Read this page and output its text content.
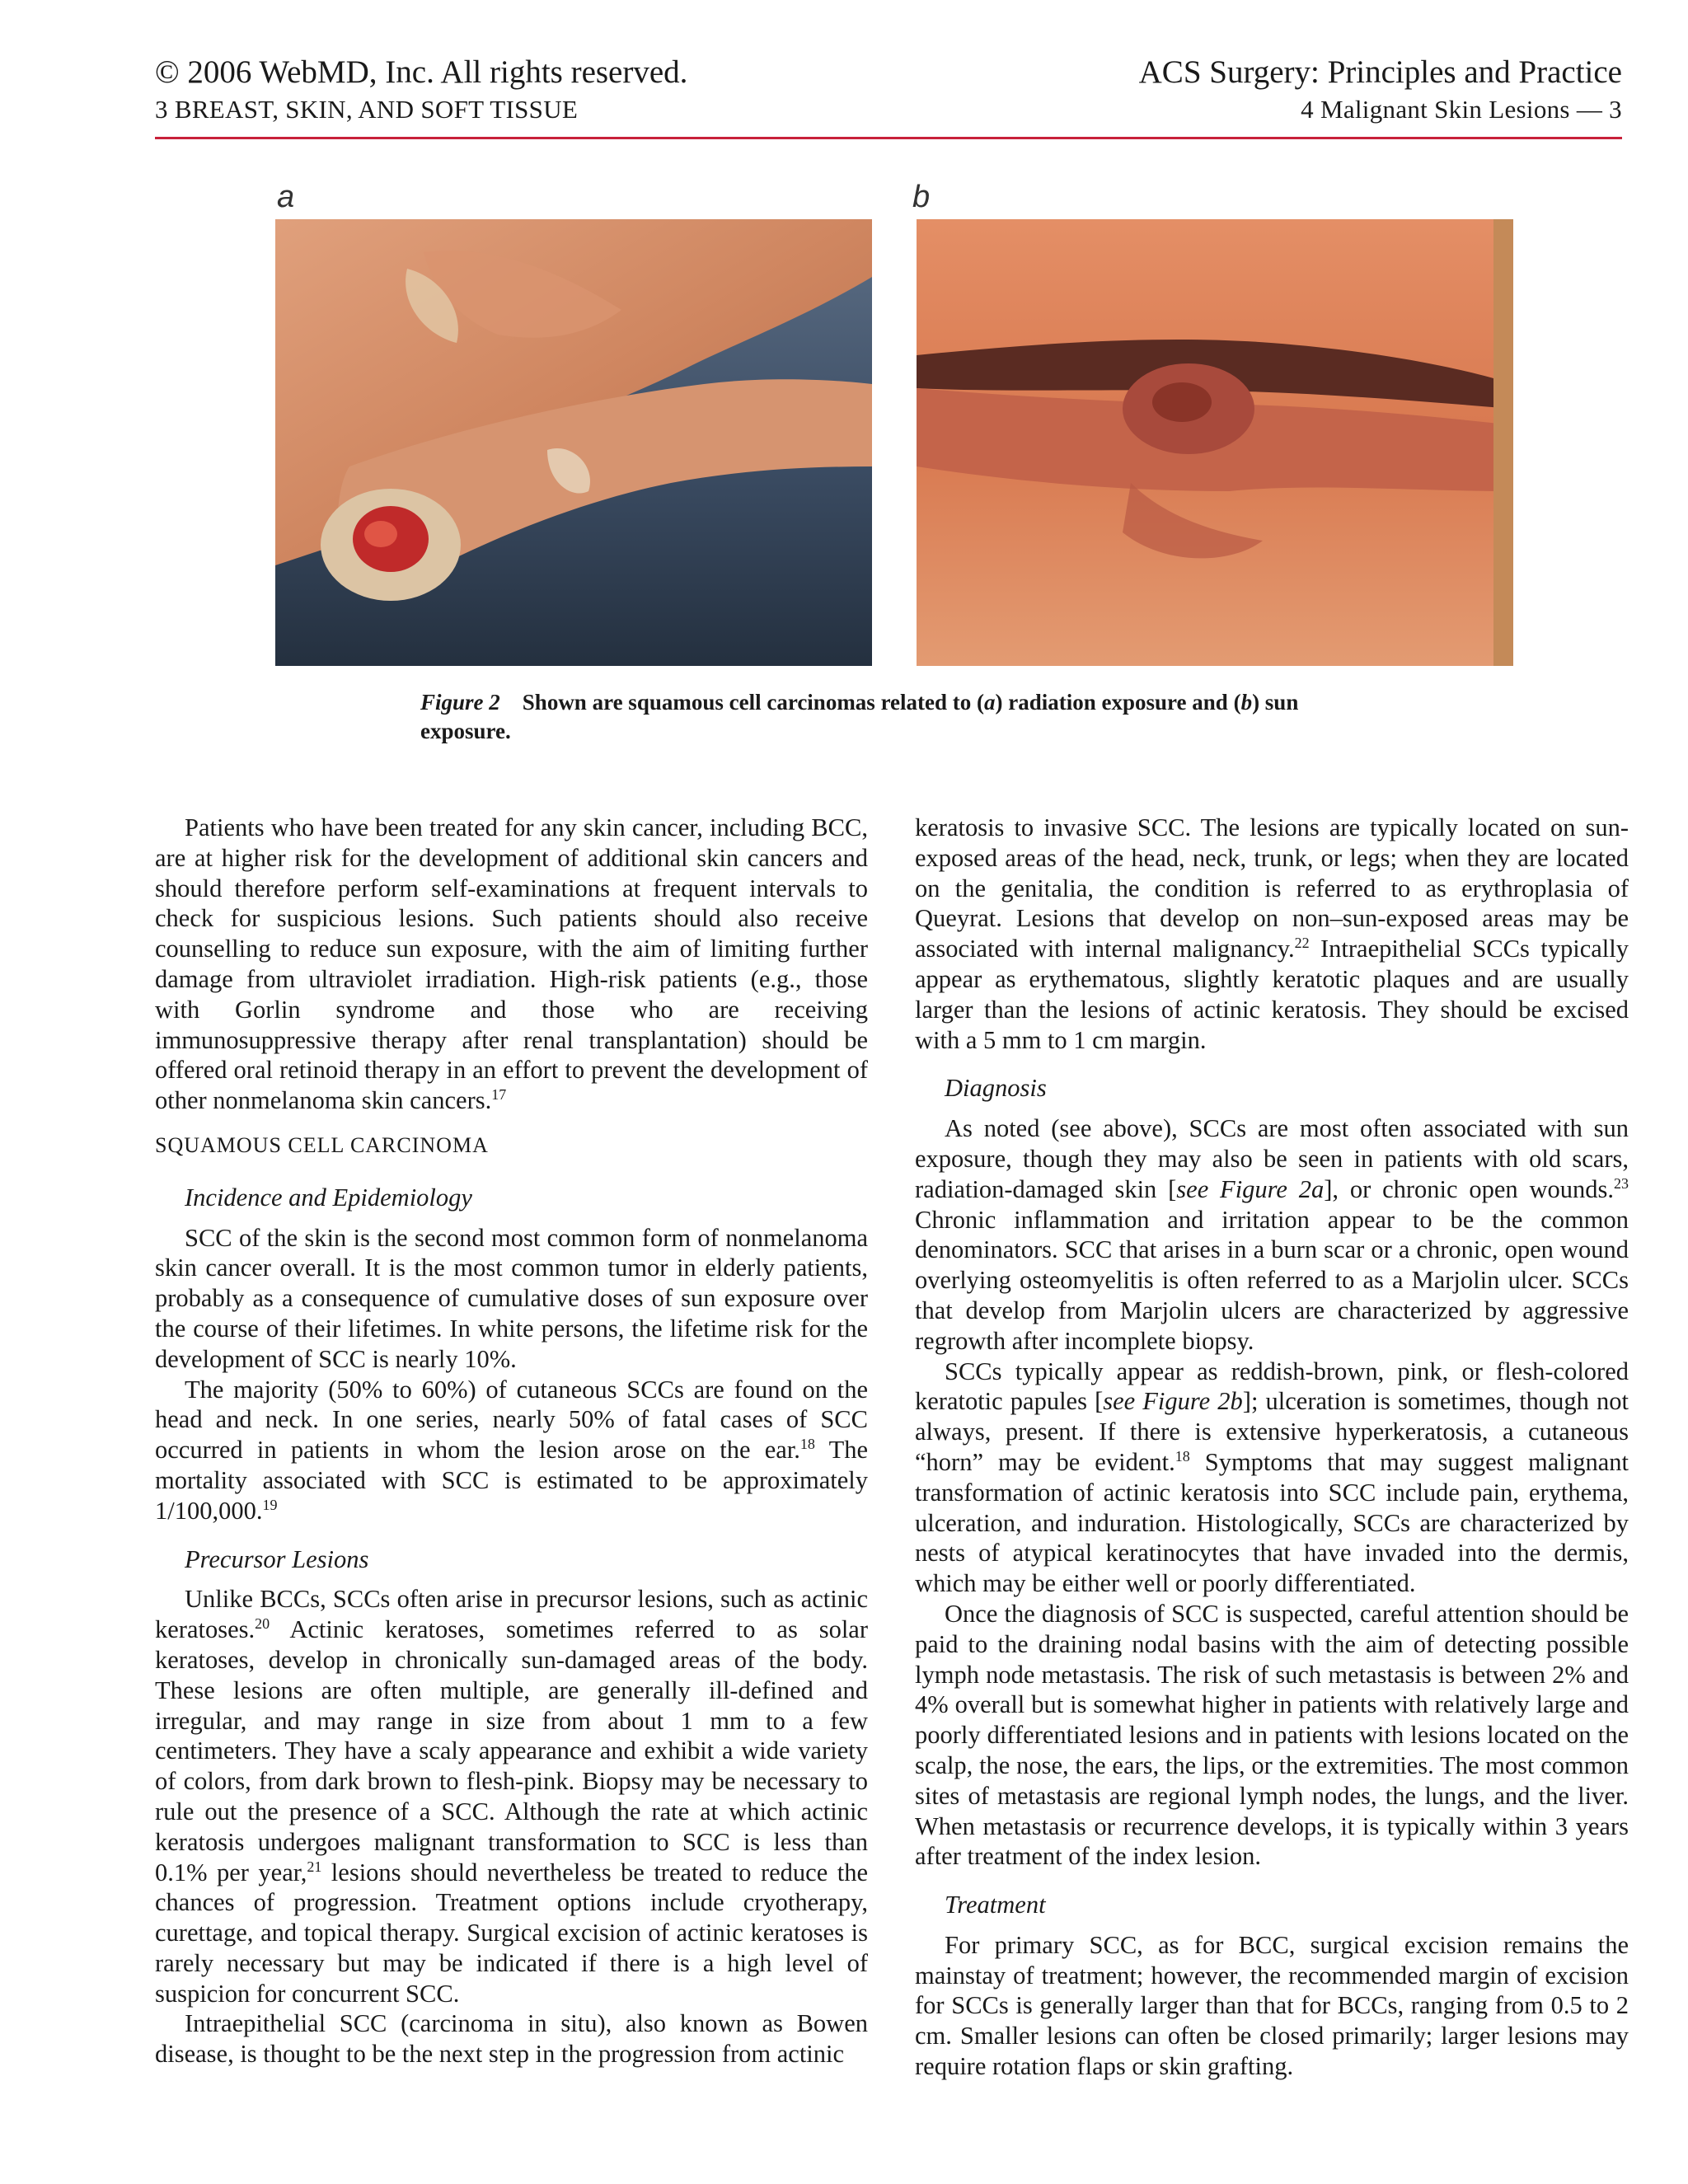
© 2006 WebMD, Inc. All rights reserved.
3 BREAST, SKIN, AND SOFT TISSUE
ACS Surgery: Principles and Practice
4 Malignant Skin Lesions — 3
a	b
Figure 2 Shown are squamous cell carcinomas related to (a) radiation exposure and (b) sun exposure.

Patients who have been treated for any skin cancer, including BCC, are at higher risk for the development of additional skin cancers and should therefore perform self-examinations at frequent intervals to check for suspicious lesions. Such patients should also receive counselling to reduce sun exposure, with the aim of limiting further damage from ultraviolet irradiation. High-risk patients (e.g., those with Gorlin syndrome and those who are receiving immunosuppressive therapy after renal transplantation) should be offered oral retinoid therapy in an effort to prevent the development of other nonmelanoma skin cancers.$^{17}$

SQUAMOUS CELL CARCINOMA
Incidence and Epidemiology

SCC of the skin is the second most common form of nonmelanoma skin cancer overall. It is the most common tumor in elderly patients, probably as a consequence of cumulative doses of sun exposure over the course of their lifetimes. In white persons, the lifetime risk for the development of SCC is nearly 10%.

The majority (50% to 60%) of cutaneous SCCs are found on the head and neck. In one series, nearly 50% of fatal cases of SCC occurred in patients in whom the lesion arose on the ear.$^{18}$ The mortality associated with SCC is estimated to be approximately 1/100,000.19

Precursor Lesions

Unlike BCCs, SCCs often arise in precursor lesions, such as actinic keratoses.$^{20}$ Actinic keratoses, sometimes referred to as solar keratoses, develop in chronically sun-damaged areas of the body. These lesions are often multiple, are generally ill-defined and irregular, and may range in size from about 1 mm to a few centimeters. They have a scaly appearance and exhibit a wide variety of colors, from dark brown to flesh-pink. Biopsy may be necessary to rule out the presence of a SCC. Although the rate at which actinic keratosis undergoes malignant transformation to SCC is less than 0.1% per year,$^{21}$ lesions should nevertheless be treated to reduce the chances of progression. Treatment options include cryotherapy, curettage, and topical therapy. Surgical excision of actinic keratoses is rarely necessary but may be indicated if there is a high level of suspicion for concurrent SCC.

Intraepithelial SCC (carcinoma in situ), also known as Bowen disease, is thought to be the next step in the progression from actinic

keratosis to invasive SCC. The lesions are typically located on sun-exposed areas of the head, neck, trunk, or legs; when they are located on the genitalia, the condition is referred to as erythroplasia of Queyrat. Lesions that develop on non–sun-exposed areas may be associated with internal malignancy.$^{22}$ Intraepithelial SCCs typically appear as erythematous, slightly keratotic plaques and are usually larger than the lesions of actinic keratosis. They should be excised with a 5 mm to 1 cm margin.

Diagnosis

As noted (see above), SCCs are most often associated with sun exposure, though they may also be seen in patients with old scars, radiation-damaged skin [see Figure 2a], or chronic open wounds.$^{23}$ Chronic inflammation and irritation appear to be the common denominators. SCC that arises in a burn scar or a chronic, open wound overlying osteomyelitis is often referred to as a Marjolin ulcer. SCCs that develop from Marjolin ulcers are characterized by aggressive regrowth after incomplete biopsy.

SCCs typically appear as reddish-brown, pink, or flesh-colored keratotic papules [see Figure 2b]; ulceration is sometimes, though not always, present. If there is extensive hyperkeratosis, a cutaneous “horn” may be evident.$^{18}$ Symptoms that may suggest malignant transformation of actinic keratosis into SCC include pain, erythema, ulceration, and induration. Histologically, SCCs are characterized by nests of atypical keratinocytes that have invaded into the dermis, which may be either well or poorly differentiated.

Once the diagnosis of SCC is suspected, careful attention should be paid to the draining nodal basins with the aim of detecting possible lymph node metastasis. The risk of such metastasis is between 2% and 4% overall but is somewhat higher in patients with relatively large and poorly differentiated lesions and in patients with lesions located on the scalp, the nose, the ears, the lips, or the extremities. The most common sites of metastasis are regional lymph nodes, the lungs, and the liver. When metastasis or recurrence develops, it is typically within 3 years after treatment of the index lesion.

Treatment

For primary SCC, as for BCC, surgical excision remains the mainstay of treatment; however, the recommended margin of excision for SCCs is generally larger than that for BCCs, ranging from 0.5 to 2 cm. Smaller lesions can often be closed primarily; larger lesions may require rotation flaps or skin grafting.
